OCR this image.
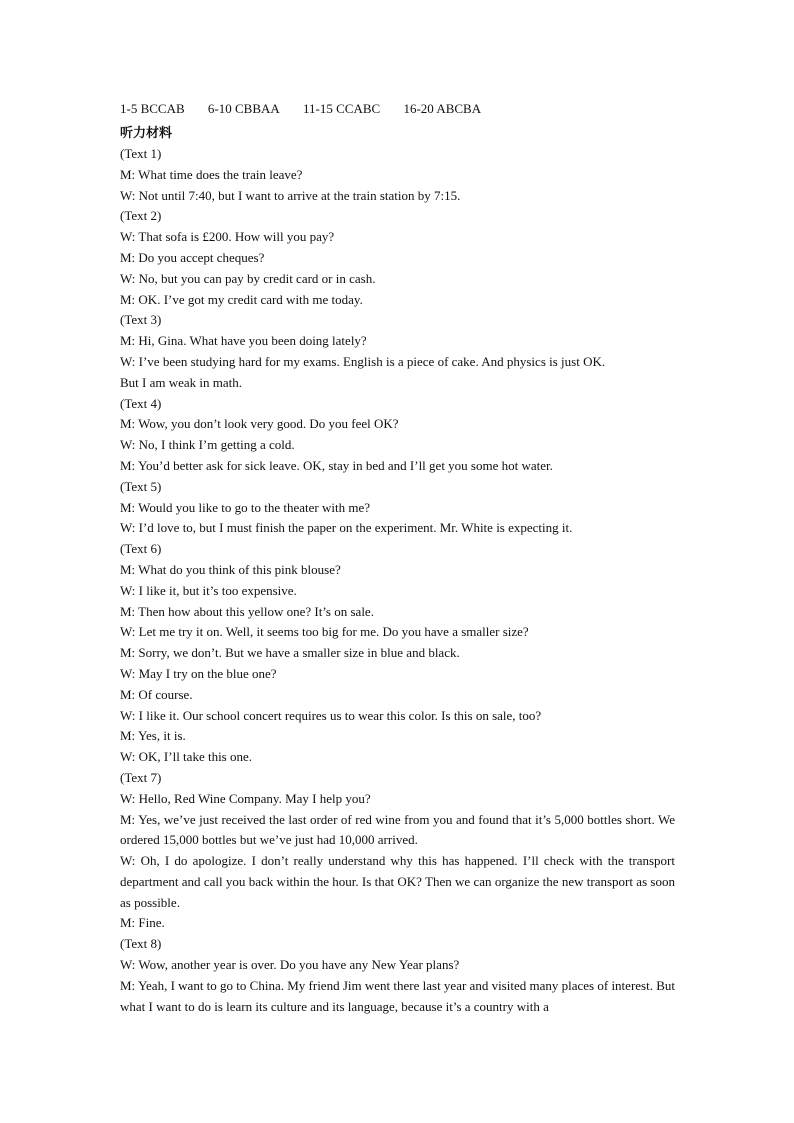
1-5 BCCAB 6-10 CBBAA 11-15 CCABC 16-20 ABCBA
听力材料

(Text 1)

M: What time does the train leave?

W: Not until 7:40, but I want to arrive at the train station by 7:15.

(Text 2)

W: That sofa is £200. How will you pay?

M: Do you accept cheques?

W: No, but you can pay by credit card or in cash.

M: OK. I’ve got my credit card with me today.

(Text 3)

M: Hi, Gina. What have you been doing lately?

W: I’ve been studying hard for my exams. English is a piece of cake. And physics is just OK.

But I am weak in math.

(Text 4)

M: Wow, you don’t look very good. Do you feel OK?

W: No, I think I’m getting a cold.

M: You’d better ask for sick leave. OK, stay in bed and I’ll get you some hot water.

(Text 5)

M: Would you like to go to the theater with me?

W: I’d love to, but I must finish the paper on the experiment. Mr. White is expecting it.

(Text 6)

M: What do you think of this pink blouse?

W: I like it, but it’s too expensive.

M: Then how about this yellow one? It’s on sale.

W: Let me try it on. Well, it seems too big for me. Do you have a smaller size?

M: Sorry, we don’t. But we have a smaller size in blue and black.

W: May I try on the blue one?

M: Of course.

W: I like it. Our school concert requires us to wear this color. Is this on sale, too?

M: Yes, it is.

W: OK, I’ll take this one.

(Text 7)

W: Hello, Red Wine Company. May I help you?

M: Yes, we’ve just received the last order of red wine from you and found that it’s 5,000 bottles short. We ordered 15,000 bottles but we’ve just had 10,000 arrived.

W: Oh, I do apologize. I don’t really understand why this has happened. I’ll check with the transport department and call you back within the hour. Is that OK? Then we can organize the new transport as soon as possible.

M: Fine.

(Text 8)

W: Wow, another year is over. Do you have any New Year plans?

M: Yeah, I want to go to China. My friend Jim went there last year and visited many places of interest. But what I want to do is learn its culture and its language, because it’s a country with a
